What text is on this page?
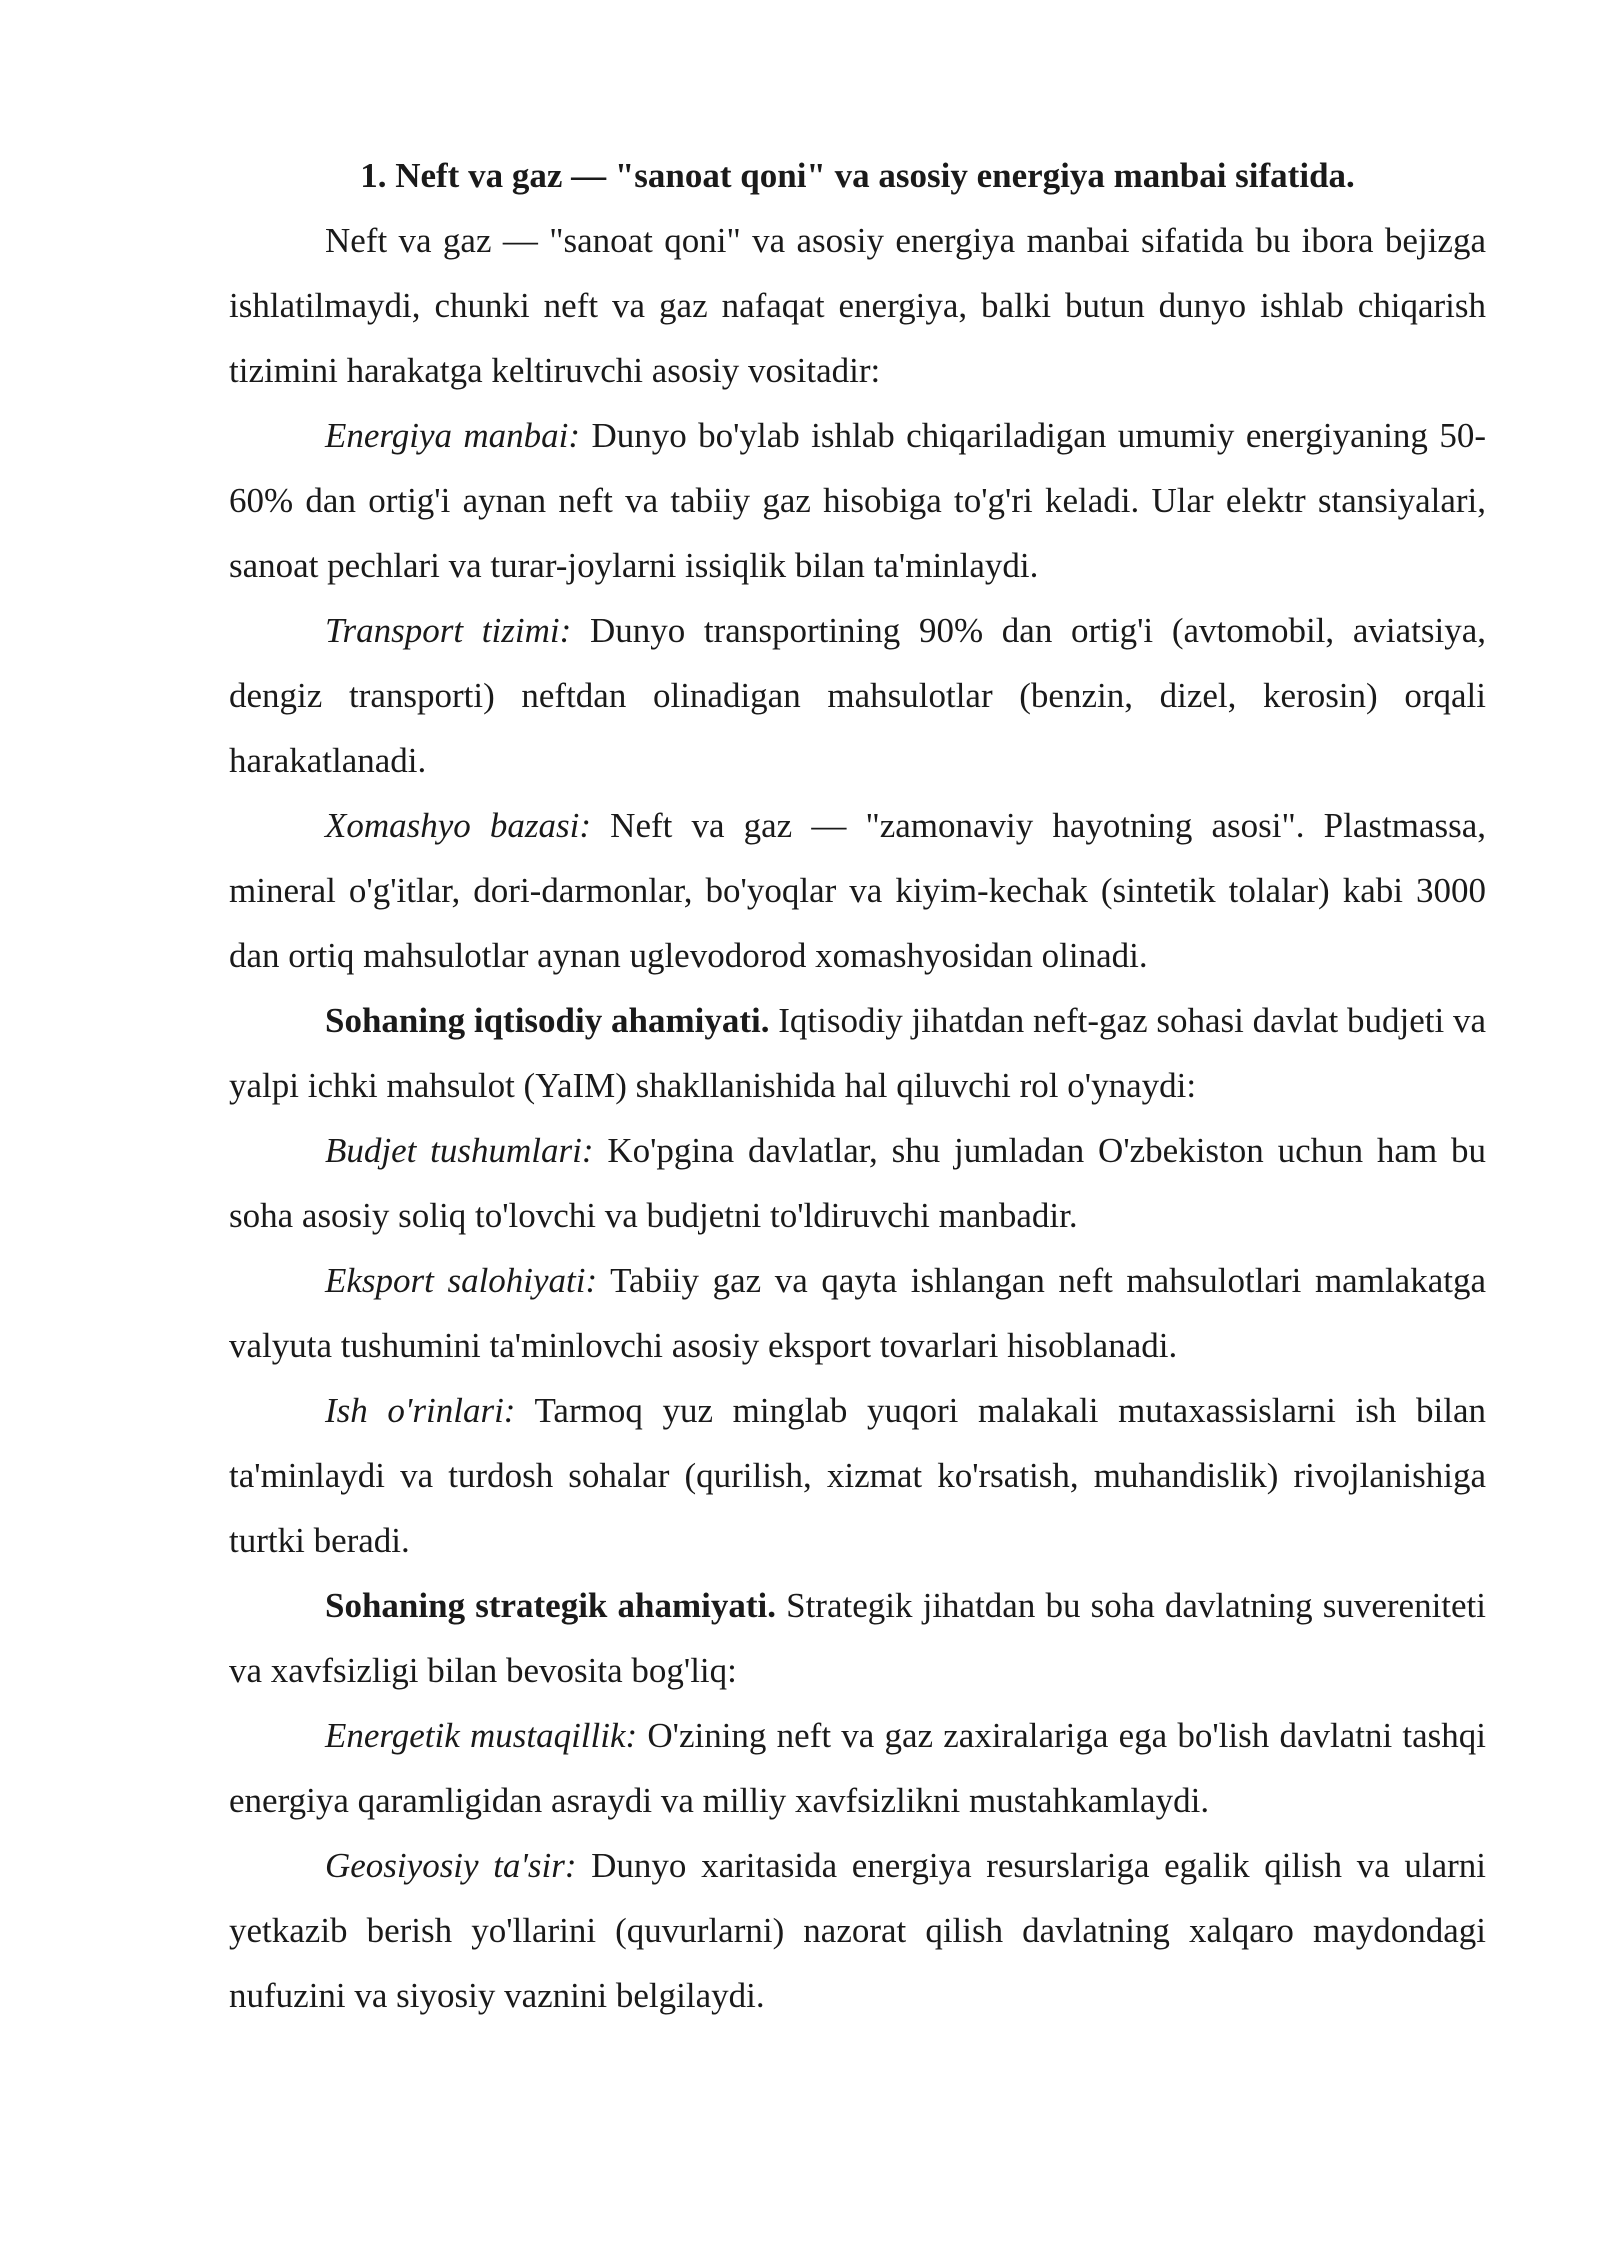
1. Neft va gaz — "sanoat qoni" va asosiy energiya manbai sifatida.

Neft va gaz — "sanoat qoni" va asosiy energiya manbai sifatida bu ibora bejizga ishlatilmaydi, chunki neft va gaz nafaqat energiya, balki butun dunyo ishlab chiqarish tizimini harakatga keltiruvchi asosiy vositadir:

Energiya manbai: Dunyo bo'ylab ishlab chiqariladigan umumiy energiyaning 50-60% dan ortig'i aynan neft va tabiiy gaz hisobiga to'g'ri keladi. Ular elektr stansiyalari, sanoat pechlari va turar-joylarni issiqlik bilan ta'minlaydi.

Transport tizimi: Dunyo transportining 90% dan ortig'i (avtomobil, aviatsiya, dengiz transporti) neftdan olinadigan mahsulotlar (benzin, dizel, kerosin) orqali harakatlanadi.

Xomashyo bazasi: Neft va gaz — "zamonaviy hayotning asosi". Plastmassa, mineral o'g'itlar, dori-darmonlar, bo'yoqlar va kiyim-kechak (sintetik tolalar) kabi 3000 dan ortiq mahsulotlar aynan uglevodorod xomashyosidan olinadi.

Sohaning iqtisodiy ahamiyati. Iqtisodiy jihatdan neft-gaz sohasi davlat budjeti va yalpi ichki mahsulot (YaIM) shakllanishida hal qiluvchi rol o'ynaydi:

Budjet tushumlari: Ko'pgina davlatlar, shu jumladan O'zbekiston uchun ham bu soha asosiy soliq to'lovchi va budjetni to'ldiruvchi manbadir.

Eksport salohiyati: Tabiiy gaz va qayta ishlangan neft mahsulotlari mamlakatga valyuta tushumini ta'minlovchi asosiy eksport tovarlari hisoblanadi.

Ish o'rinlari: Tarmoq yuz minglab yuqori malakali mutaxassislarni ish bilan ta'minlaydi va turdosh sohalar (qurilish, xizmat ko'rsatish, muhandislik) rivojlanishiga turtki beradi.

Sohaning strategik ahamiyati. Strategik jihatdan bu soha davlatning suvereniteti va xavfsizligi bilan bevosita bog'liq:

Energetik mustaqillik: O'zining neft va gaz zaxiralariga ega bo'lish davlatni tashqi energiya qaramligidan asraydi va milliy xavfsizlikni mustahkamlaydi.

Geosiyosiy ta'sir: Dunyo xaritasida energiya resurslariga egalik qilish va ularni yetkazib berish yo'llarini (quvurlarni) nazorat qilish davlatning xalqaro maydondagi nufuzini va siyosiy vaznini belgilaydi.
